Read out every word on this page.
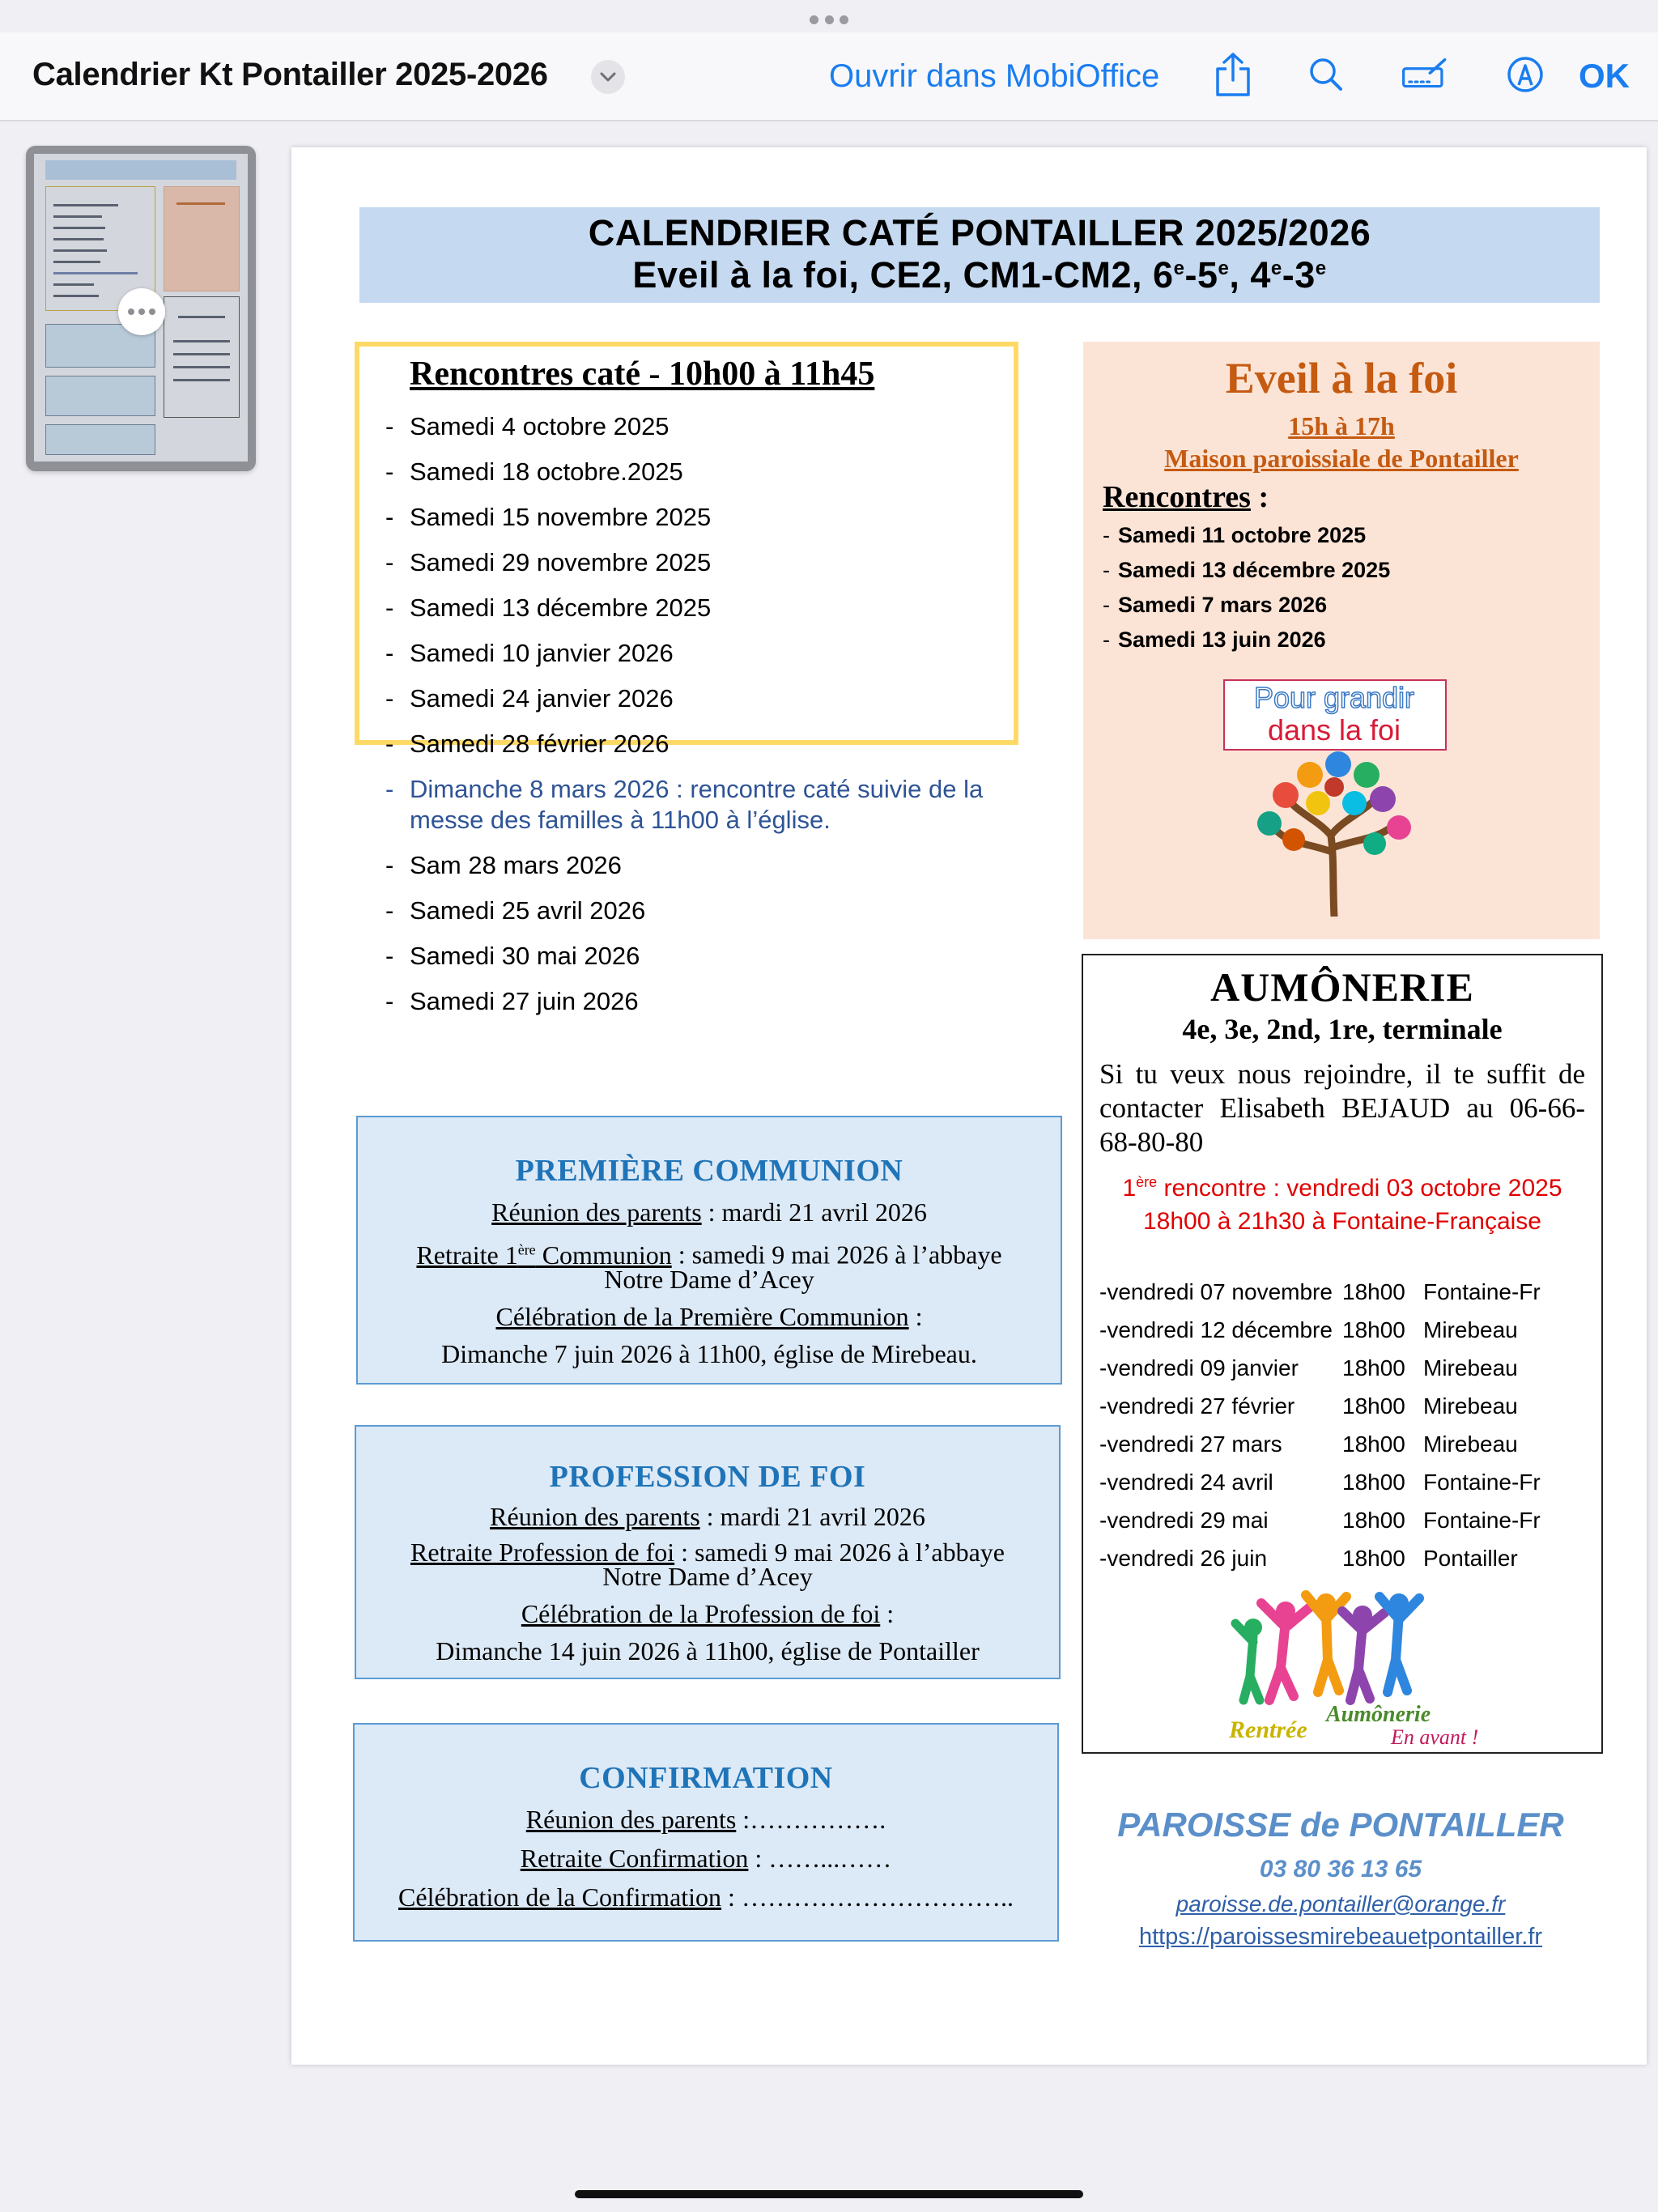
Calendrier Kt Pontailler 2025-2026	Ouvrir dans MobiOffice	OK
CALENDRIER CATÉ PONTAILLER 2025/2026
Eveil à la foi, CE2, CM1-CM2, 6e-5e, 4e-3e
Rencontres caté - 10h00 à 11h45
- Samedi 4 octobre 2025
- Samedi 18 octobre.2025
- Samedi 15 novembre 2025
- Samedi 29 novembre 2025
- Samedi 13 décembre 2025
- Samedi 10 janvier 2026
- Samedi 24 janvier 2026
- Samedi 28 février 2026
- Dimanche 8 mars 2026 : rencontre caté suivie de la messe des familles à 11h00 à l’église.
- Sam 28 mars 2026
- Samedi 25 avril 2026
- Samedi 30 mai 2026
- Samedi 27 juin 2026
Eveil à la foi
15h à 17h
Maison paroissiale de Pontailler
Rencontres :
- Samedi 11 octobre 2025
- Samedi 13 décembre 2025
- Samedi 7 mars 2026
- Samedi 13 juin 2026
Pour grandir
dans la foi
AUMÔNERIE
4e, 3e, 2nd, 1re, terminale
Si tu veux nous rejoindre, il te suffit de contacter Elisabeth BEJAUD au 06-66-68-80-80
1ère rencontre : vendredi 03 octobre 2025
18h00 à 21h30 à Fontaine-Française
-vendredi 07 novembre	18h00	Fontaine-Fr
-vendredi 12 décembre	18h00	Mirebeau
-vendredi 09 janvier	18h00	Mirebeau
-vendredi 27 février	18h00	Mirebeau
-vendredi 27 mars	18h00	Mirebeau
-vendredi 24 avril	18h00	Fontaine-Fr
-vendredi 29 mai	18h00	Fontaine-Fr
-vendredi 26 juin	18h00	Pontailler
Rentrée
Aumônerie
En avant !
PREMIÈRE COMMUNION
Réunion des parents : mardi 21 avril 2026
Retraite 1ère Communion : samedi 9 mai 2026 à l’abbaye Notre Dame d’Acey
Célébration de la Première Communion :
Dimanche 7 juin 2026 à 11h00, église de Mirebeau.
PROFESSION DE FOI
Réunion des parents : mardi 21 avril 2026
Retraite Profession de foi : samedi 9 mai 2026 à l’abbaye Notre Dame d’Acey
Célébration de la Profession de foi :
Dimanche 14 juin 2026 à 11h00, église de Pontailler
CONFIRMATION
Réunion des parents :…………….
Retraite Confirmation : ……...……
Célébration de la Confirmation : …………………………..
PAROISSE de PONTAILLER
03 80 36 13 65
paroisse.de.pontailler@orange.fr
https://paroissesmirebeauetpontailler.fr
